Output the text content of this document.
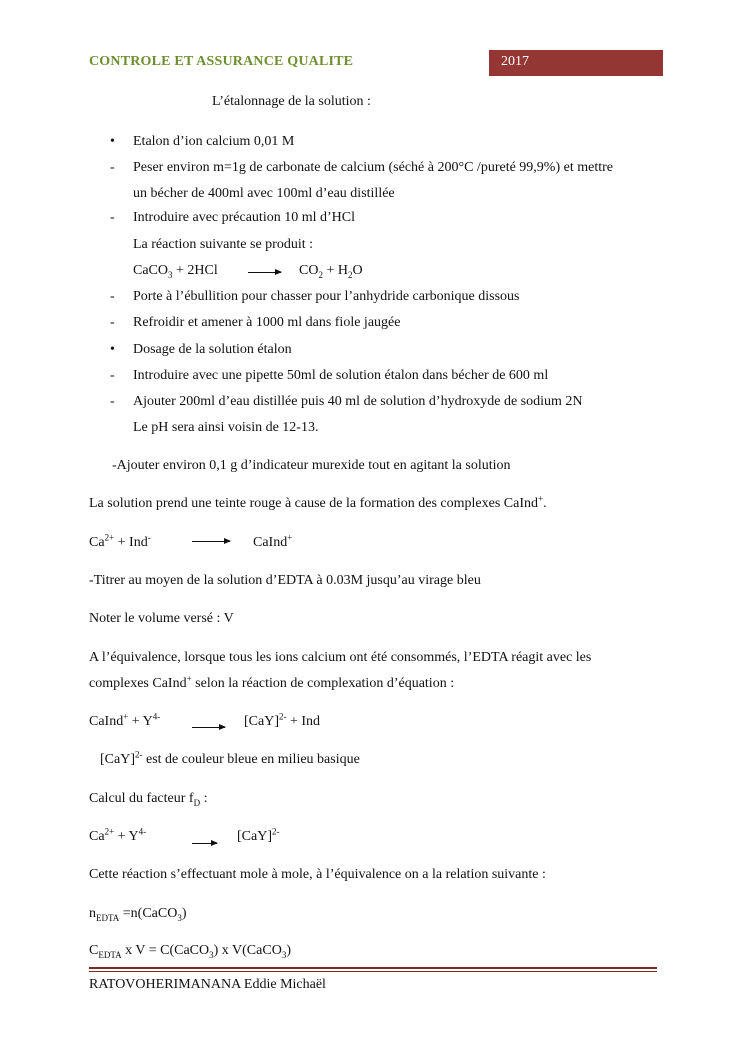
CONTROLE ET ASSURANCE QUALITE	2017
L’étalonnage de la solution :
• Etalon d’ion calcium 0,01 M
- Peser environ m=1g de carbonate de calcium (séché à 200°C /pureté 99,9%) et mettre
un bécher de 400ml avec 100ml d’eau distillée
- Introduire avec précaution 10 ml d’HCl
La réaction suivante se produit :
CaCO$_3$ + $2HCl \to CO_2 + H_2O$
- Porte à l’ébullition pour chasser pour l’anhydride carbonique dissous
- Refroidir et amener à 1000 ml dans fiole jaugée
• Dosage de la solution étalon
- Introduire avec une pipette 50ml de solution étalon dans bécher de 600 ml
- Ajouter 200ml d’eau distillée puis 40 ml de solution d’hydroxyde de sodium 2N
Le pH sera ainsi voisin de 12-13.
-Ajouter environ 0,1 g d’indicateur murexide tout en agitant la solution
La solution prend une teinte rouge à cause de la formation des complexes CaInd+.
$Ca^{2+} + Ind^-$	CaInd+
-Titrer au moyen de la solution d’EDTA à 0.03M jusqu’au virage bleu
Noter le volume versé : V
A l’équivalence, lorsque tous les ions calcium ont été consommés, l’EDTA réagit avec les
complexes CaInd+ selon la réaction de complexation d’équation :
CaInd+ + $Y^{4-} \to [CaY]^{2-}$ + Ind
[CaY]$^{2-}$ est de couleur bleue en milieu basique
Calcul du facteur $f_D$ :
$Ca^{2+} + Y^{4-} \to [CaY]^{2-}$
Cette réaction s’effectuant mole à mole, à l’équivalence on a la relation suivante :
$n_{EDTA}$ =n(CaCO$_3$)
$C_{EDTA}$ x V = C(CaCO$_3$) x V(CaCO$_3$)
RATOVOHERIMANANA Eddie Michaël
